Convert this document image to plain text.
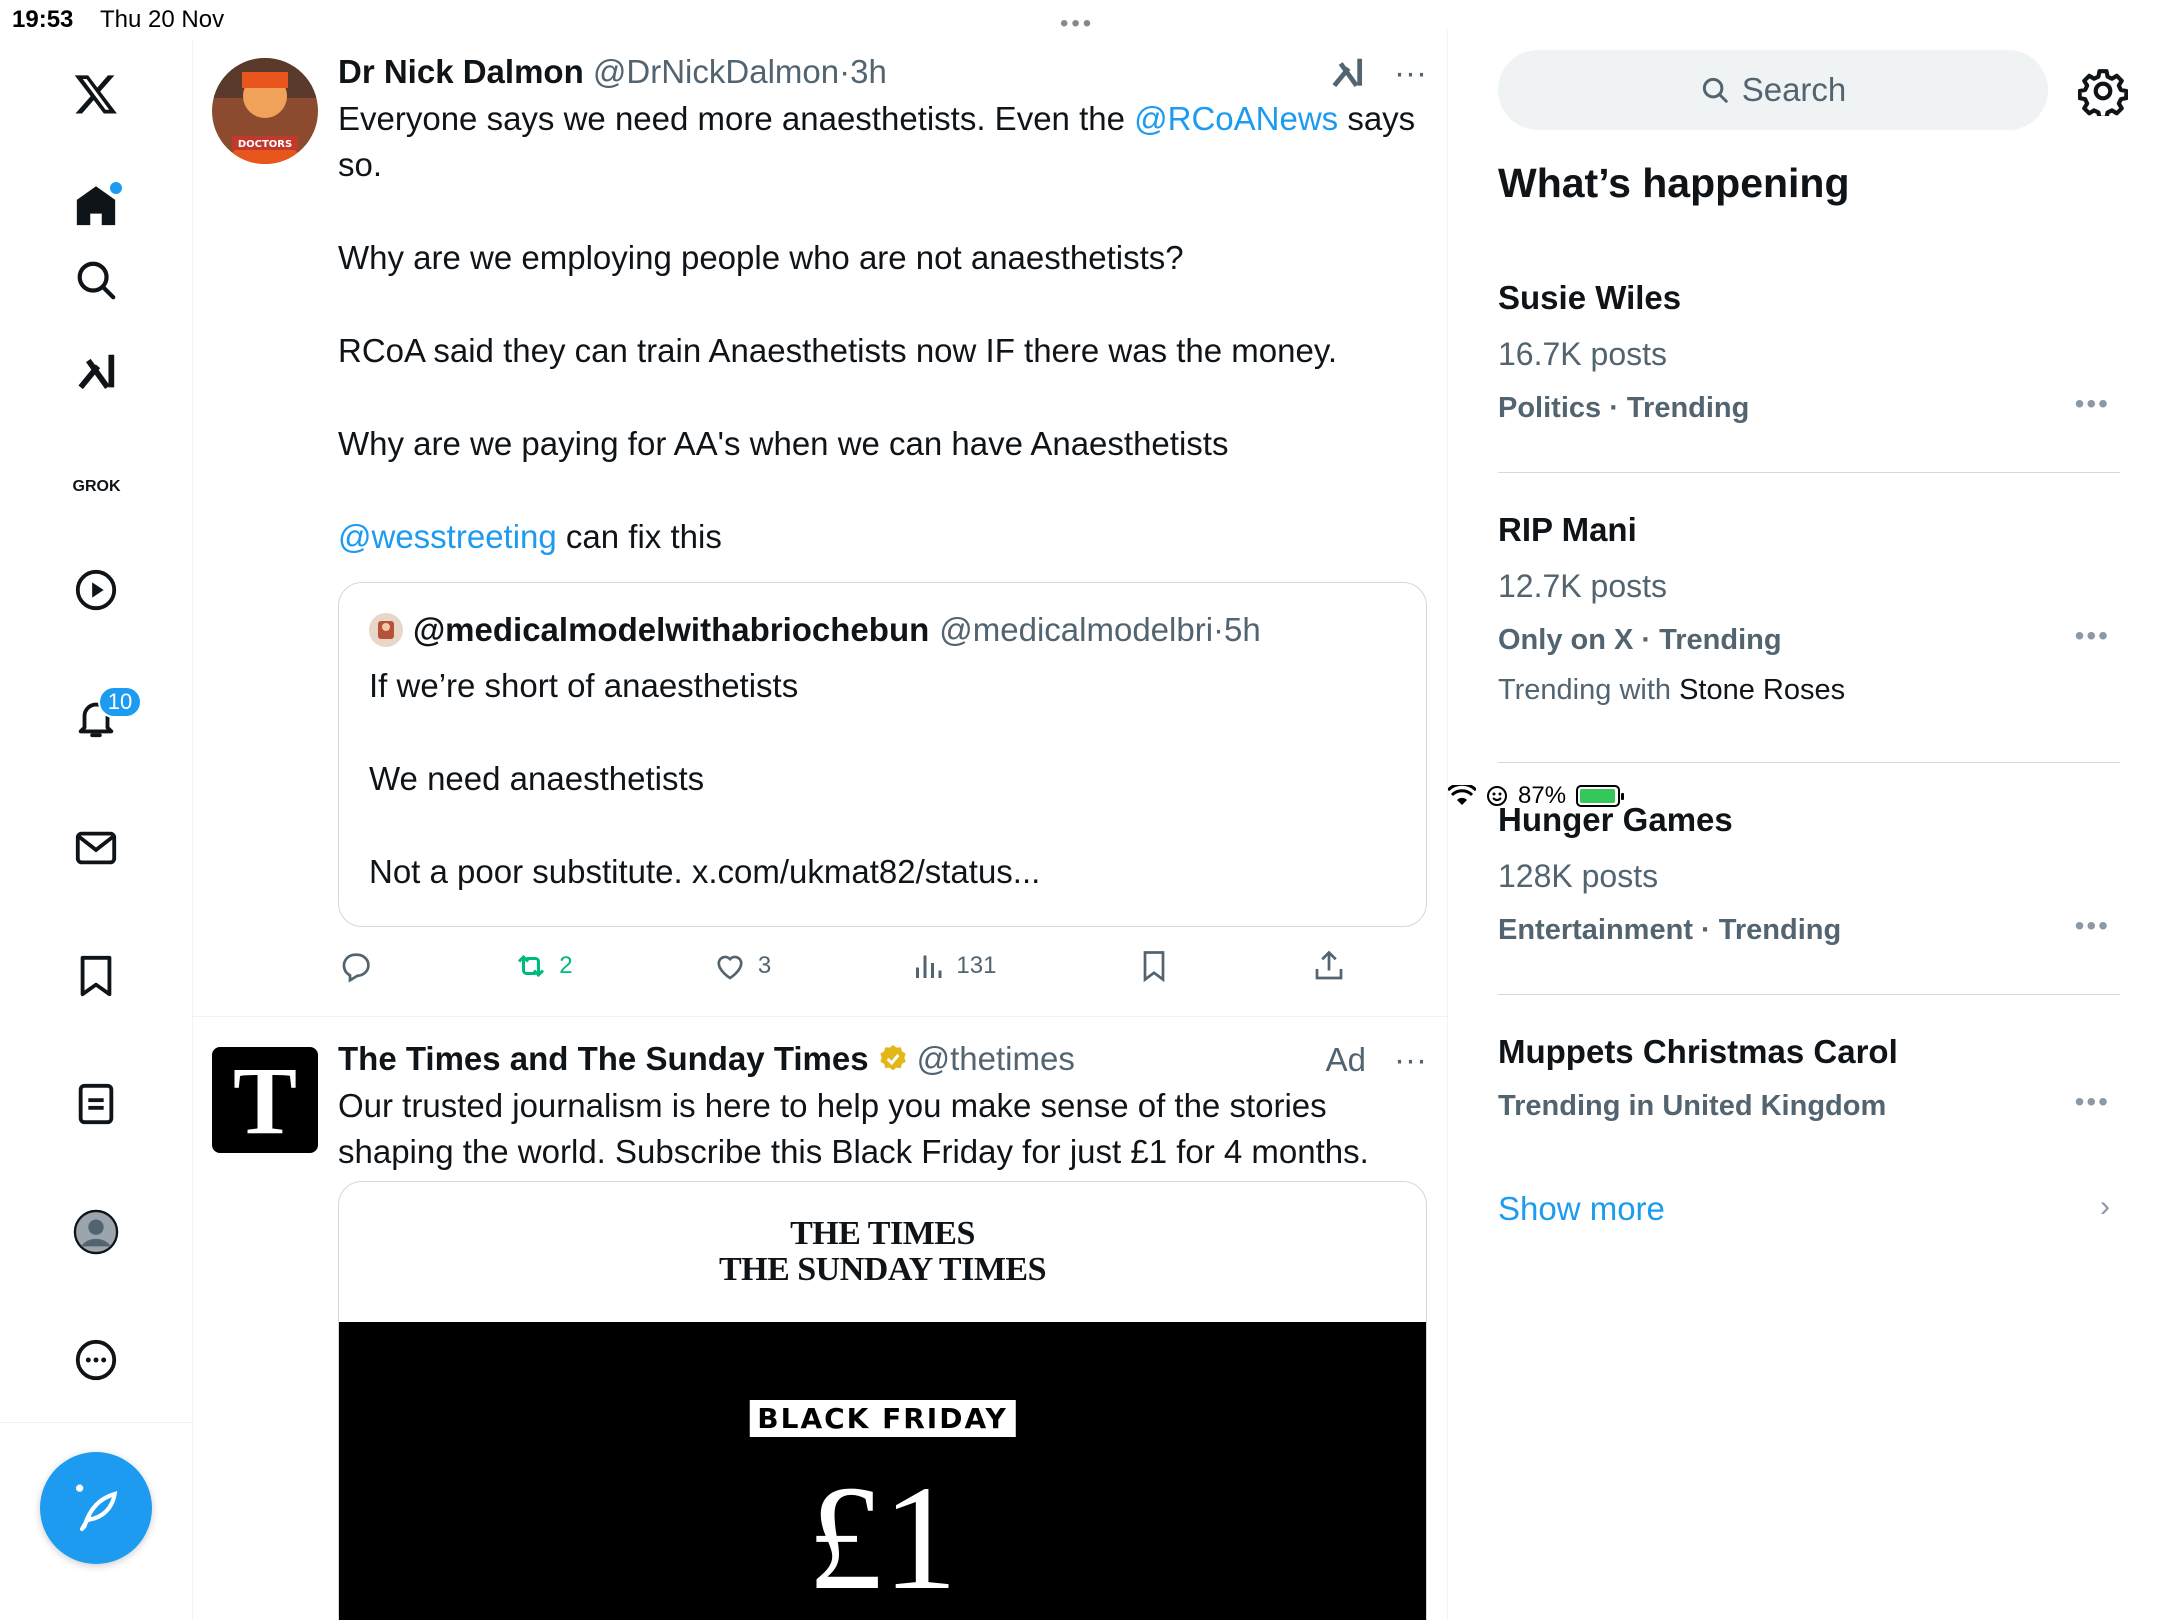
19:53 Thu 20 Nov
87%
•••
GROK
10
DOCTORS
Dr Nick Dalmon @DrNickDalmon·3h
Everyone says we need more anaesthetists. Even the @RCoANews says
so.
Why are we employing people who are not anaesthetists?
RCoA said they can train Anaesthetists now IF there was the money.
Why are we paying for AA's when we can have Anaesthetists
@wesstreeting can fix this
···
@medicalmodelwithabriochebun @medicalmodelbri · 5h
If we’re short of anaesthetists
We need anaesthetists
Not a poor substitute. x.com/ukmat82/status...
2	3	131
T	The Times and The Sunday Times @thetimes
Our trusted journalism is here to help you make sense of the stories
shaping the world. Subscribe this Black Friday for just £1 for 4 months.
Ad ···
THE TIMES
THE SUNDAY TIMES
BLACK FRIDAY
£1
Search
What’s happening
Susie Wiles
16.7K posts
Politics · Trending	•••
RIP Mani
12.7K posts
Only on X · Trending
Trending with Stone Roses
•••
Hunger Games
128K posts
Entertainment · Trending	•••
Muppets Christmas Carol
Trending in United Kingdom	•••
Show more	›
